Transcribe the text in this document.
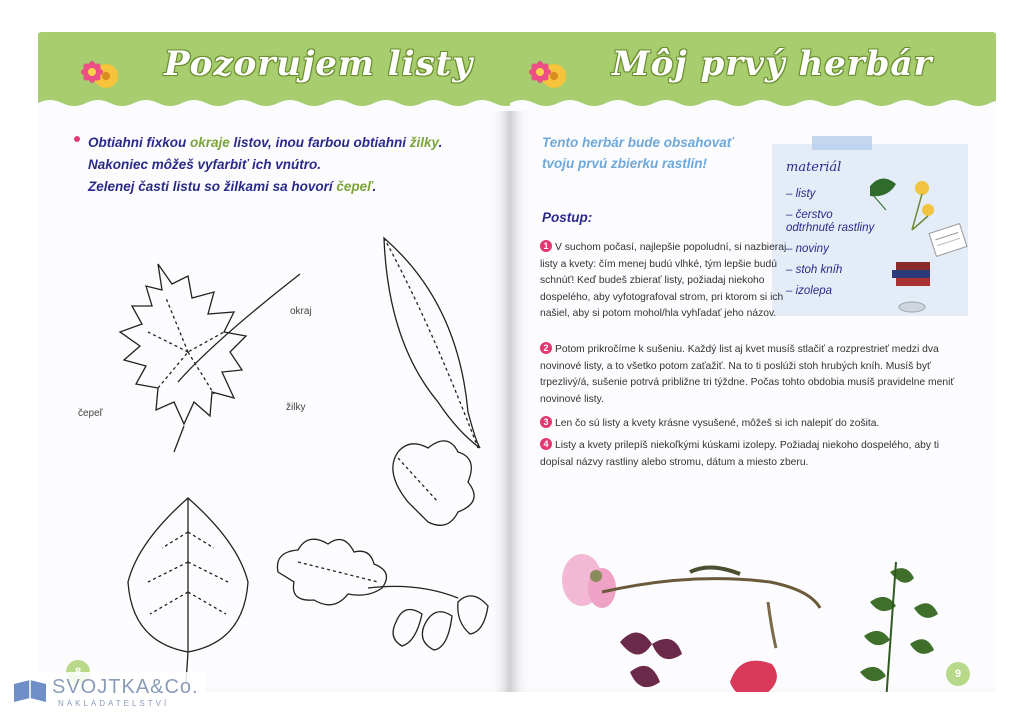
Pozorujem listy
Obtiahni fixkou okraje listov, inou farbou obtiahni žilky.
Nakoniec môžeš vyfarbiť ich vnútro.
Zelenej časti listu so žilkami sa hovorí čepeľ.
okraj
žilky
čepeľ
Môj prvý herbár
Tento herbár bude obsahovať
tvoju prvú zbierku rastlín!	materiál
– listy
– čerstvo odtrhnuté rastliny
– noviny
– stoh kníh
– izolepa
Postup:
1 V suchom počasí, najlepšie popoludní, si nazbieraj listy a kvety: čím menej budú vlhké, tým lepšie budú schnúť! Keď budeš zbierať listy, požiadaj niekoho dospelého, aby vyfotografoval strom, pri ktorom si ich našiel, aby si potom mohol/hla vyhľadať jeho názov.
2 Potom prikročíme k sušeniu. Každý list aj kvet musíš stlačiť a rozprestrieť medzi dva novinové listy, a to všetko potom zaťažiť. Na to ti poslúži stoh hrubých kníh. Musíš byť trpezlivý/á, sušenie potrvá približne tri týždne. Počas tohto obdobia musíš pravidelne meniť novinové listy.
3 Len čo sú listy a kvety krásne vysušené, môžeš si ich nalepiť do zošita.
4 Listy a kvety prilepíš niekoľkými kúskami izolepy. Požiadaj niekoho dospelého, aby ti dopísal názvy rastliny alebo stromu, dátum a miesto zberu.
9
SVOJTKA&Co.
NAKLADATELSTVÍ
